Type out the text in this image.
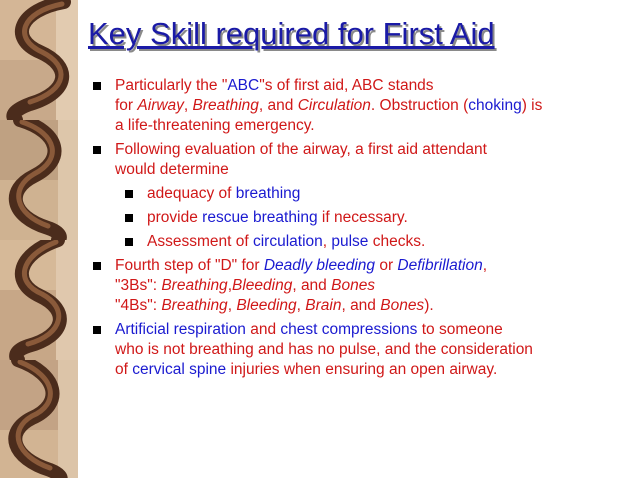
Key Skill required for First Aid
Particularly the "ABC"s of first aid, ABC stands
for Airway, Breathing, and Circulation. Obstruction (choking) is
a life-threatening emergency.
Following evaluation of the airway, a first aid attendant
would determine
adequacy of breathing
provide rescue breathing if necessary.
Assessment of circulation, pulse checks.
Fourth step of "D" for Deadly bleeding or Defibrillation,
"3Bs": Breathing,Bleeding, and Bones
"4Bs": Breathing, Bleeding, Brain, and Bones).
Artificial respiration and chest compressions to someone
who is not breathing and has no pulse, and the consideration
of cervical spine injuries when ensuring an open airway.
